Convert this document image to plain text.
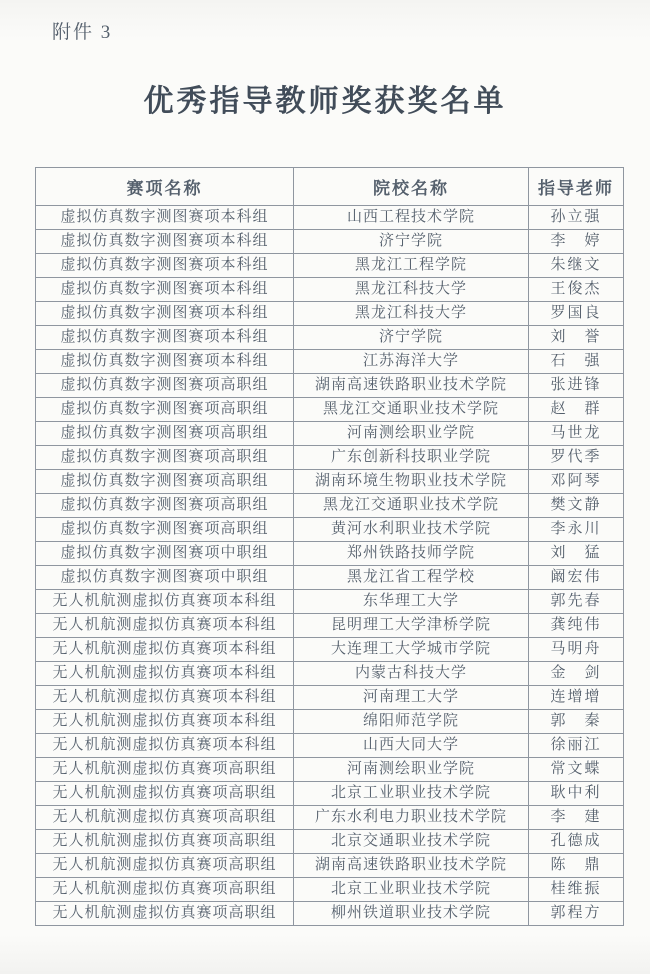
附件 3
优秀指导教师奖获奖名单
赛项名称	院校名称	指导老师
虚拟仿真数字测图赛项本科组	山西工程技术学院	孙立强
虚拟仿真数字测图赛项本科组	济宁学院	李　婷
虚拟仿真数字测图赛项本科组	黑龙江工程学院	朱继文
虚拟仿真数字测图赛项本科组	黑龙江科技大学	王俊杰
虚拟仿真数字测图赛项本科组	黑龙江科技大学	罗国良
虚拟仿真数字测图赛项本科组	济宁学院	刘　誉
虚拟仿真数字测图赛项本科组	江苏海洋大学	石　强
虚拟仿真数字测图赛项高职组	湖南高速铁路职业技术学院	张进锋
虚拟仿真数字测图赛项高职组	黑龙江交通职业技术学院	赵　群
虚拟仿真数字测图赛项高职组	河南测绘职业学院	马世龙
虚拟仿真数字测图赛项高职组	广东创新科技职业学院	罗代季
虚拟仿真数字测图赛项高职组	湖南环境生物职业技术学院	邓阿琴
虚拟仿真数字测图赛项高职组	黑龙江交通职业技术学院	樊文静
虚拟仿真数字测图赛项高职组	黄河水利职业技术学院	李永川
虚拟仿真数字测图赛项中职组	郑州铁路技师学院	刘　猛
虚拟仿真数字测图赛项中职组	黑龙江省工程学校	阚宏伟
无人机航测虚拟仿真赛项本科组	东华理工大学	郭先春
无人机航测虚拟仿真赛项本科组	昆明理工大学津桥学院	龚纯伟
无人机航测虚拟仿真赛项本科组	大连理工大学城市学院	马明舟
无人机航测虚拟仿真赛项本科组	内蒙古科技大学	金　剑
无人机航测虚拟仿真赛项本科组	河南理工大学	连增增
无人机航测虚拟仿真赛项本科组	绵阳师范学院	郭　秦
无人机航测虚拟仿真赛项本科组	山西大同大学	徐丽江
无人机航测虚拟仿真赛项高职组	河南测绘职业学院	常文蝶
无人机航测虚拟仿真赛项高职组	北京工业职业技术学院	耿中利
无人机航测虚拟仿真赛项高职组	广东水利电力职业技术学院	李　建
无人机航测虚拟仿真赛项高职组	北京交通职业技术学院	孔德成
无人机航测虚拟仿真赛项高职组	湖南高速铁路职业技术学院	陈　鼎
无人机航测虚拟仿真赛项高职组	北京工业职业技术学院	桂维振
无人机航测虚拟仿真赛项高职组	柳州铁道职业技术学院	郭程方
